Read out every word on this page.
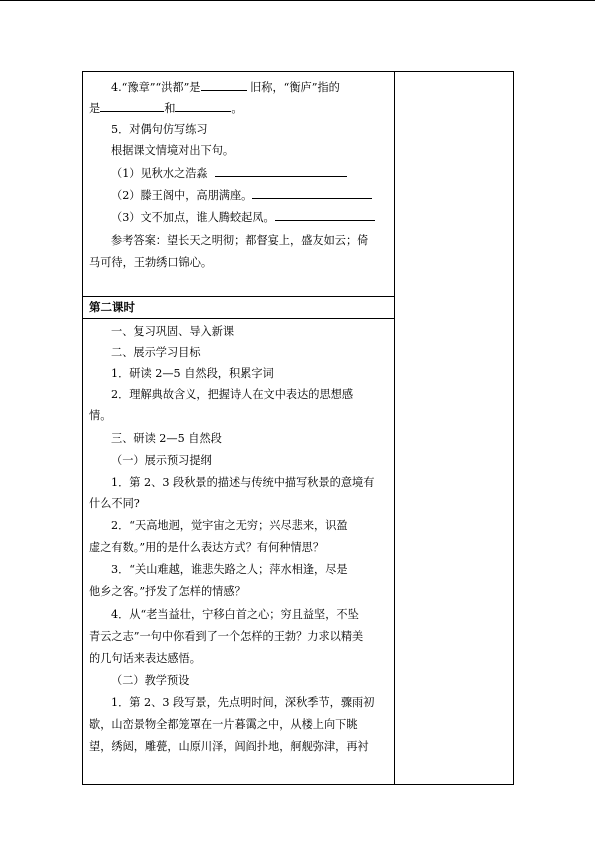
4.“豫章”“洪都”是	旧称，“衡庐”指的
是	和	。
5．对偶句仿写练习
根据课文情境对出下句。
（1）见秋水之浩淼
（2）滕王阁中，高朋满座。
（3）文不加点，谁人腾蛟起凤。
参考答案：望长天之明彻；都督宴上，盛友如云；倚
马可待，王勃绣口锦心。
第二课时
一、复习巩固、导入新课
二、展示学习目标
1．研读 2—5 自然段，积累字词
2．理解典故含义，把握诗人在文中表达的思想感
情。
三、研读 2—5 自然段
（一）展示预习提纲
1．第 2、3 段秋景的描述与传统中描写秋景的意境有
什么不同?
2．“天高地迥，觉宇宙之无穷；兴尽悲来，识盈
虚之有数。”用的是什么表达方式？有何种情思？
3．“关山难越，谁悲失路之人；萍水相逢，尽是
他乡之客。”抒发了怎样的情感？
4．从“老当益壮，宁移白首之心；穷且益坚，不坠
青云之志”一句中你看到了一个怎样的王勃？力求以精美
的几句话来表达感悟。
（二）教学预设
1．第 2、3 段写景，先点明时间，深秋季节，骤雨初
歇，山峦景物全都笼罩在一片暮霭之中，从楼上向下眺
望，绣闼，雕甍，山原川泽，闾阎扑地，舸舰弥津，再衬
